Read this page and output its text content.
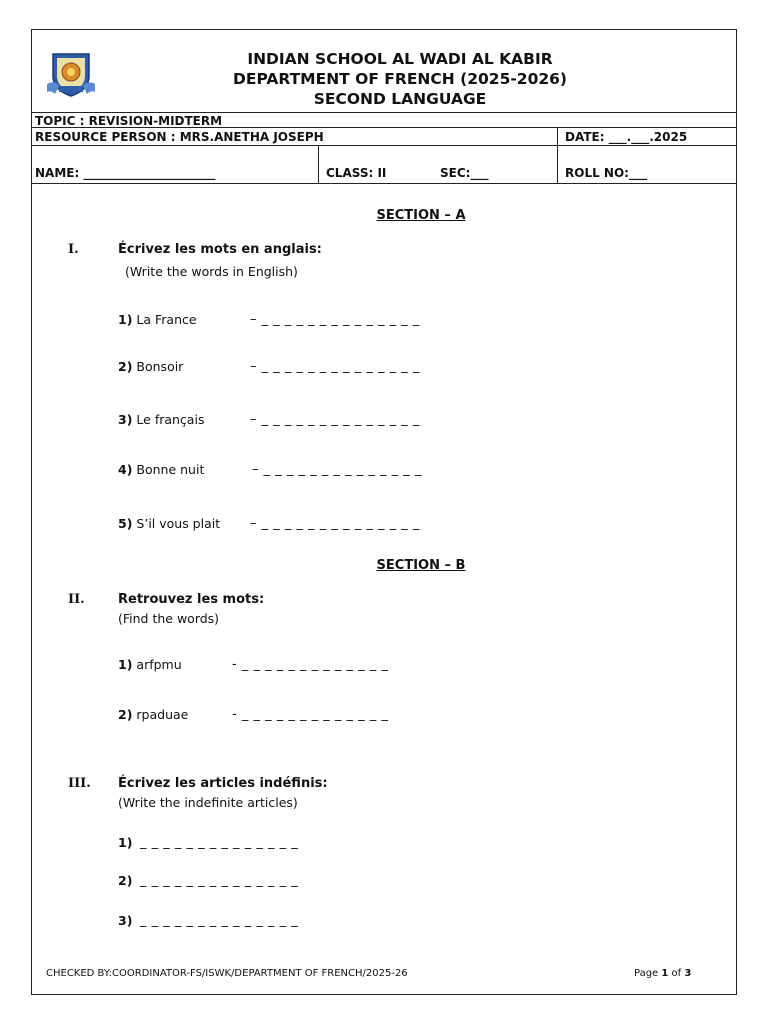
INDIAN SCHOOL AL WADI AL KABIR
DEPARTMENT OF FRENCH (2025-2026)
SECOND LANGUAGE
TOPIC : REVISION-MIDTERM
RESOURCE PERSON : MRS.ANETHA JOSEPH	DATE: ___.___.2025
NAME: ______________________	CLASS: II	SEC:___	ROLL NO:___
SECTION – A
I.	Écrivez les mots en anglais:
(Write the words in English)
1) La France	– _ _ _ _ _ _ _ _ _ _ _ _ _ _
2) Bonsoir	– _ _ _ _ _ _ _ _ _ _ _ _ _ _
3) Le français	– _ _ _ _ _ _ _ _ _ _ _ _ _ _
4) Bonne nuit	– _ _ _ _ _ _ _ _ _ _ _ _ _ _
5) S’il vous plait – _ _ _ _ _ _ _ _ _ _ _ _ _ _
SECTION – B
II.	Retrouvez les mots:
(Find the words)
1) arfpmu	- _ _ _ _ _ _ _ _ _ _ _ _ _
2) rpaduae	- _ _ _ _ _ _ _ _ _ _ _ _ _
III. Écrivez les articles indéfinis:
(Write the indefinite articles)
1) _ _ _ _ _ _ _ _ _ _ _ _ _ _
2) _ _ _ _ _ _ _ _ _ _ _ _ _ _
3) _ _ _ _ _ _ _ _ _ _ _ _ _ _
CHECKED BY:COORDINATOR-FS/ISWK/DEPARTMENT OF FRENCH/2025-26	Page 1 of 3
